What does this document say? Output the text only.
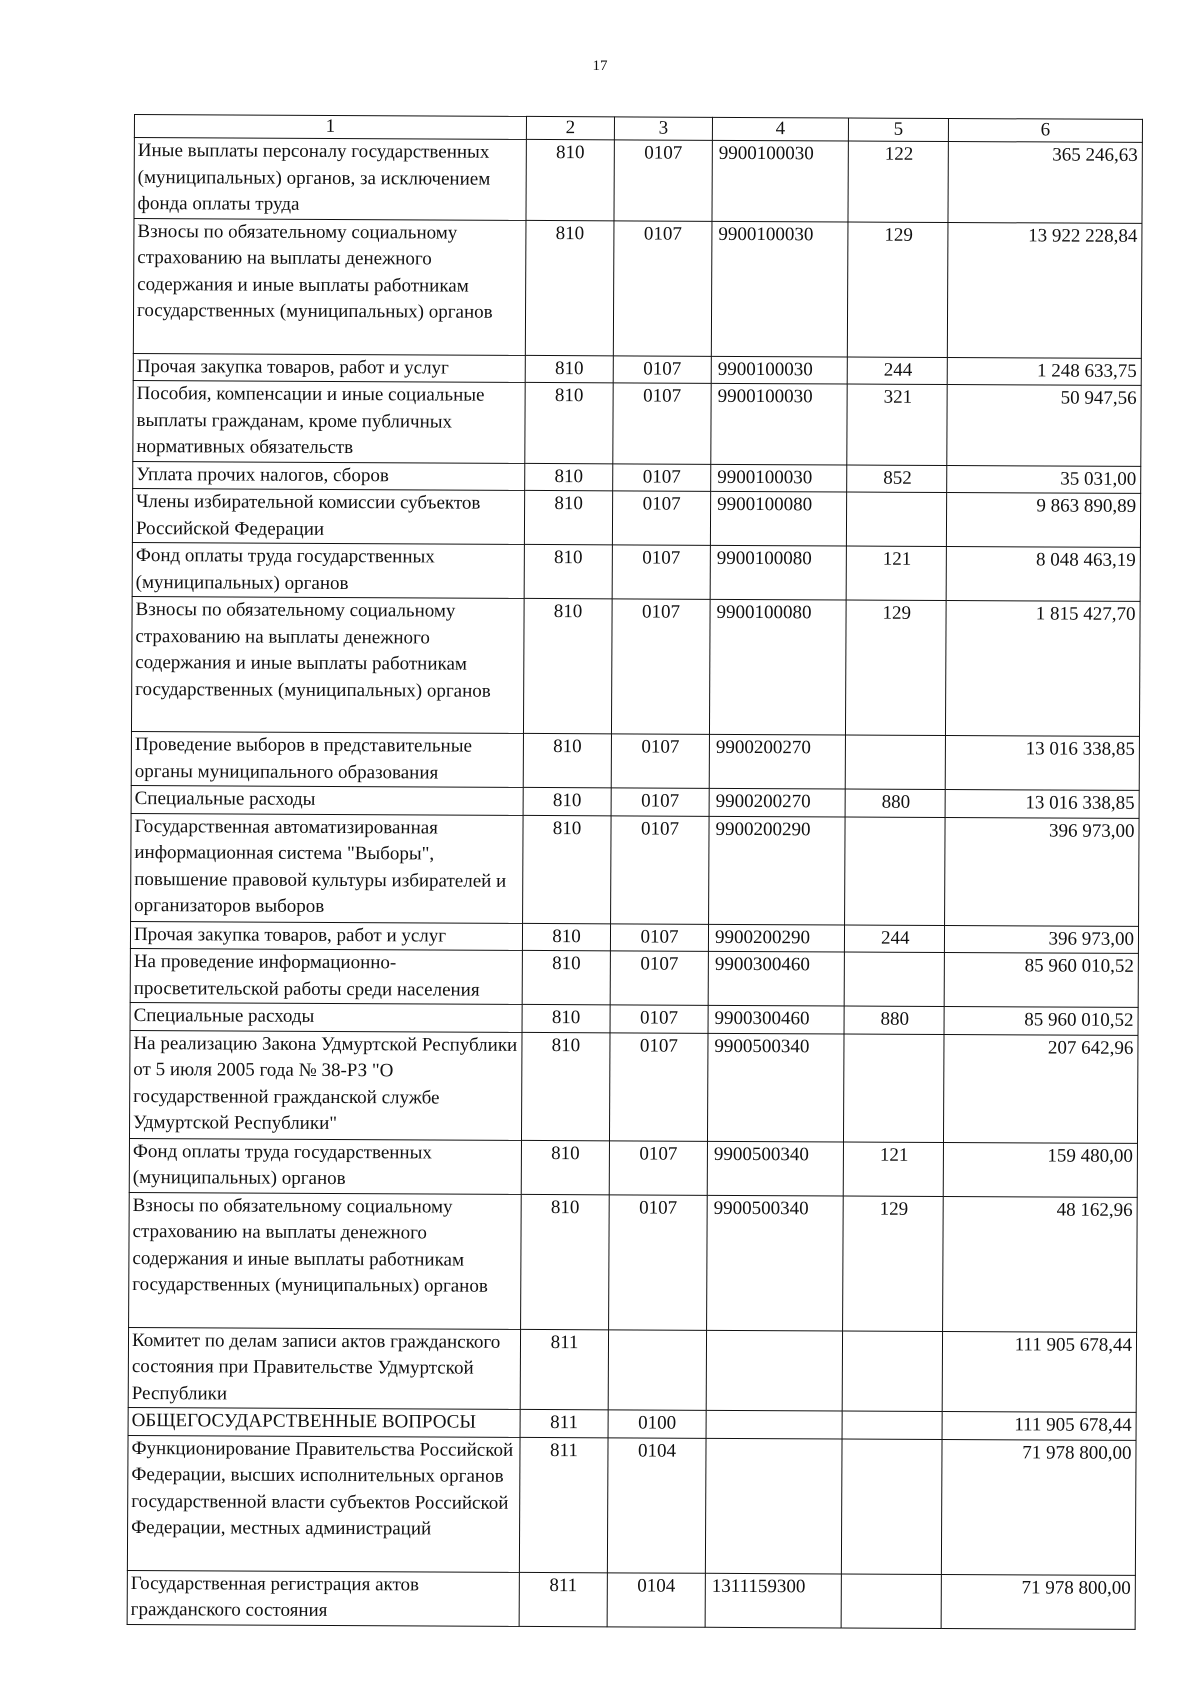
17
1	2	3	4	5	6
Иные выплаты персоналу государственных (муниципальных) органов, за исключением фонда оплаты труда	810	0107	9900100030	122	365 246,63
Взносы по обязательному социальному страхованию на выплаты денежного содержания и иные выплаты работникам государственных (муниципальных) органов	810	0107	9900100030	129	13 922 228,84
Прочая закупка товаров, работ и услуг	810	0107	9900100030	244	1 248 633,75
Пособия, компенсации и иные социальные выплаты гражданам, кроме публичных нормативных обязательств	810	0107	9900100030	321	50 947,56
Уплата прочих налогов, сборов	810	0107	9900100030	852	35 031,00
Члены избирательной комиссии субъектов Российской Федерации	810	0107	9900100080		9 863 890,89
Фонд оплаты труда государственных (муниципальных) органов	810	0107	9900100080	121	8 048 463,19
Взносы по обязательному социальному страхованию на выплаты денежного содержания и иные выплаты работникам государственных (муниципальных) органов	810	0107	9900100080	129	1 815 427,70
Проведение выборов в представительные органы муниципального образования	810	0107	9900200270		13 016 338,85
Специальные расходы	810	0107	9900200270	880	13 016 338,85
Государственная автоматизированная информационная система "Выборы", повышение правовой культуры избирателей и организаторов выборов	810	0107	9900200290		396 973,00
Прочая закупка товаров, работ и услуг	810	0107	9900200290	244	396 973,00
На проведение информационно-просветительской работы среди населения	810	0107	9900300460		85 960 010,52
Специальные расходы	810	0107	9900300460	880	85 960 010,52
На реализацию Закона Удмуртской Республики от 5 июля 2005 года № 38-РЗ "О государственной гражданской службе Удмуртской Республики"	810	0107	9900500340		207 642,96
Фонд оплаты труда государственных (муниципальных) органов	810	0107	9900500340	121	159 480,00
Взносы по обязательному социальному страхованию на выплаты денежного содержания и иные выплаты работникам государственных (муниципальных) органов	810	0107	9900500340	129	48 162,96
Комитет по делам записи актов гражданского состояния при Правительстве Удмуртской Республики	811				111 905 678,44
ОБЩЕГОСУДАРСТВЕННЫЕ ВОПРОСЫ	811	0100			111 905 678,44
Функционирование Правительства Российской Федерации, высших исполнительных органов государственной власти субъектов Российской Федерации, местных администраций	811	0104			71 978 800,00
Государственная регистрация актов гражданского состояния	811	0104	1311159300		71 978 800,00
